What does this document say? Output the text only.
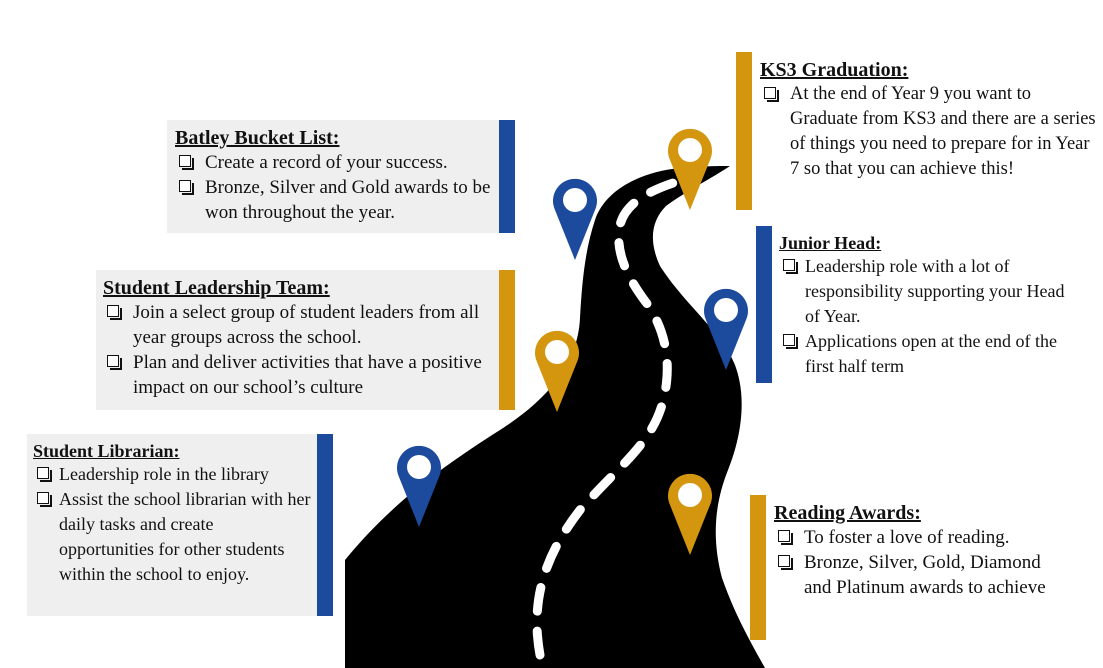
Batley Bucket List:
Create a record of your success.
Bronze, Silver and Gold awards to be won throughout the year.
Student Leadership Team:
Join a select group of student leaders from all year groups across the school.
Plan and deliver activities that have a positive impact on our school’s culture
Student Librarian:
Leadership role in the library
Assist the school librarian with her daily tasks and create opportunities for other students within the school to enjoy.
KS3 Graduation:
At the end of Year 9 you want to Graduate from KS3 and there are a series of things you need to prepare for in Year 7 so that you can achieve this!
Junior Head:
Leadership role with a lot of responsibility supporting your Head of Year.
Applications open at the end of the first half term
Reading Awards:
To foster a love of reading.
Bronze, Silver, Gold, Diamond and Platinum awards to achieve
